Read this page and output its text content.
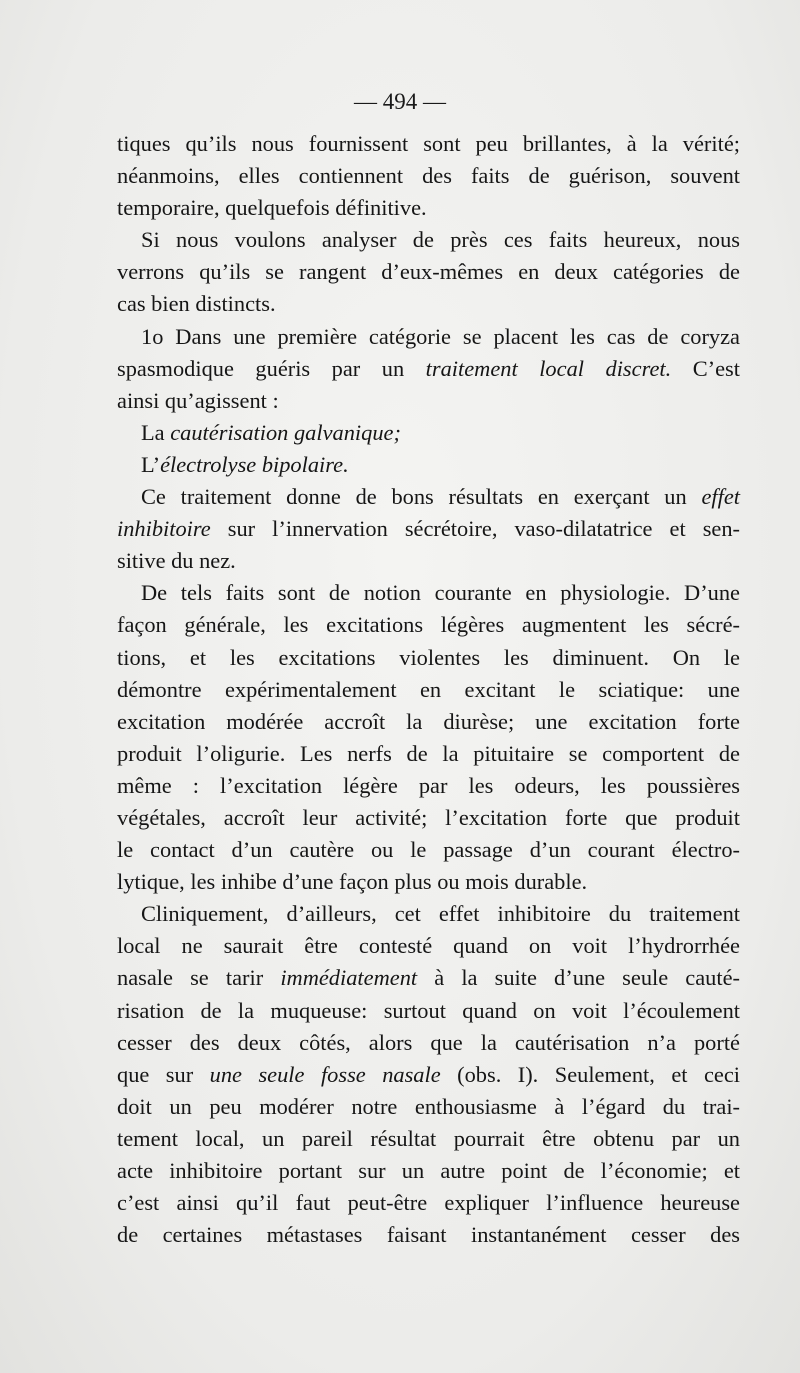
— 494 —
tiques qu’ils nous fournissent sont peu brillantes, à la vérité;
néanmoins, elles contiennent des faits de guérison, souvent
temporaire, quelquefois définitive.
Si nous voulons analyser de près ces faits heureux, nous
verrons qu’ils se rangent d’eux-mêmes en deux catégories de
cas bien distincts.
1o Dans une première catégorie se placent les cas de coryza
spasmodique guéris par un traitement local discret. C’est
ainsi qu’agissent :
La cautérisation galvanique;
L’électrolyse bipolaire.
Ce traitement donne de bons résultats en exerçant un effet
inhibitoire sur l’innervation sécrétoire, vaso-dilatatrice et sen-
sitive du nez.
De tels faits sont de notion courante en physiologie. D’une
façon générale, les excitations légères augmentent les sécré-
tions, et les excitations violentes les diminuent. On le
démontre expérimentalement en excitant le sciatique: une
excitation modérée accroît la diurèse; une excitation forte
produit l’oligurie. Les nerfs de la pituitaire se comportent de
même : l’excitation légère par les odeurs, les poussières
végétales, accroît leur activité; l’excitation forte que produit
le contact d’un cautère ou le passage d’un courant électro-
lytique, les inhibe d’une façon plus ou mois durable.
Cliniquement, d’ailleurs, cet effet inhibitoire du traitement
local ne saurait être contesté quand on voit l’hydrorrhée
nasale se tarir immédiatement à la suite d’une seule cauté-
risation de la muqueuse: surtout quand on voit l’écoulement
cesser des deux côtés, alors que la cautérisation n’a porté
que sur une seule fosse nasale (obs. I). Seulement, et ceci
doit un peu modérer notre enthousiasme à l’égard du trai-
tement local, un pareil résultat pourrait être obtenu par un
acte inhibitoire portant sur un autre point de l’économie; et
c’est ainsi qu’il faut peut-être expliquer l’influence heureuse
de certaines métastases faisant instantanément cesser des
